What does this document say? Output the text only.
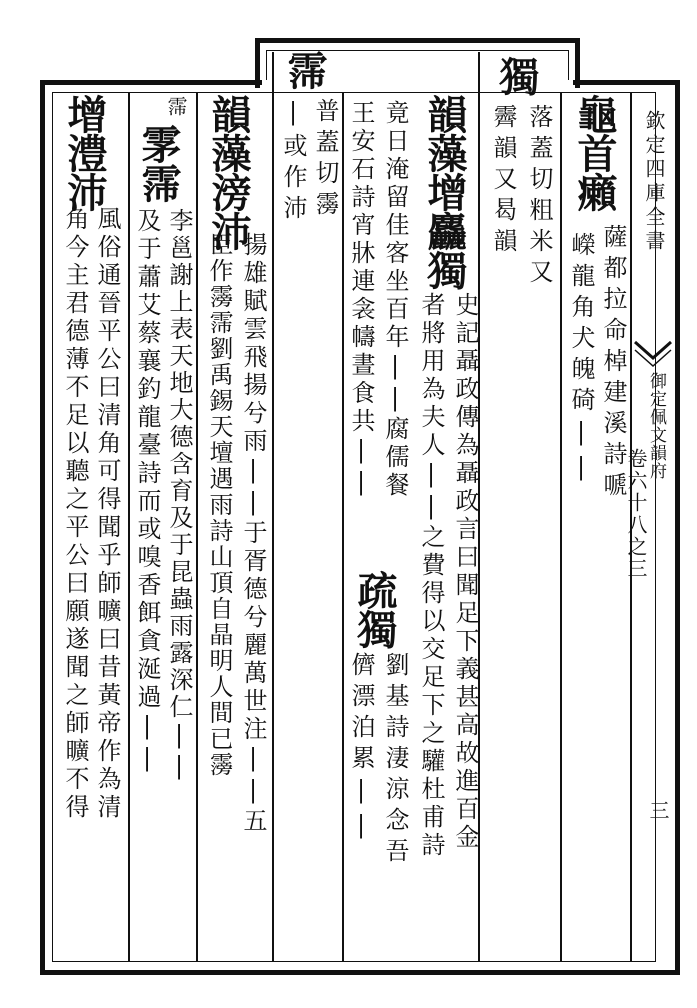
欽定四庫全書
御定佩文韻府
卷六十八之三
三
龜首癩
薩都拉命棹建溪詩嗁
嶸龍角犬魄碕||
獨
落蓋切粗米又
霽韻又曷韻
韻藻增麤獨
史記聶政傳為聶政言曰聞足下義甚高故進百金
者將用為夫人||之費得以交足下之驩杜甫詩
竟日淹留佳客坐百年||腐儒餐
王安石詩宵牀連衾幬晝食共||
疏獨
劉基詩淒涼念吾
儕漂泊累||
霈
普蓋切霶
|或作沛
韻藻滂沛
揚雄賦雲飛揚兮雨||于胥德兮麗萬世注||五
臣作霶霈劉禹錫天壇遇雨詩山頂自晶明人間已霶
霈
雺霈
李邕謝上表天地大德含育及于昆蟲雨露深仁||
及于蕭艾蔡襄釣龍臺詩而或嗅香餌貪涎過||
增澧沛
風俗通晉平公曰清角可得聞乎師曠曰昔黃帝作為清
角今主君德薄不足以聽之平公曰願遂聞之師曠不得
